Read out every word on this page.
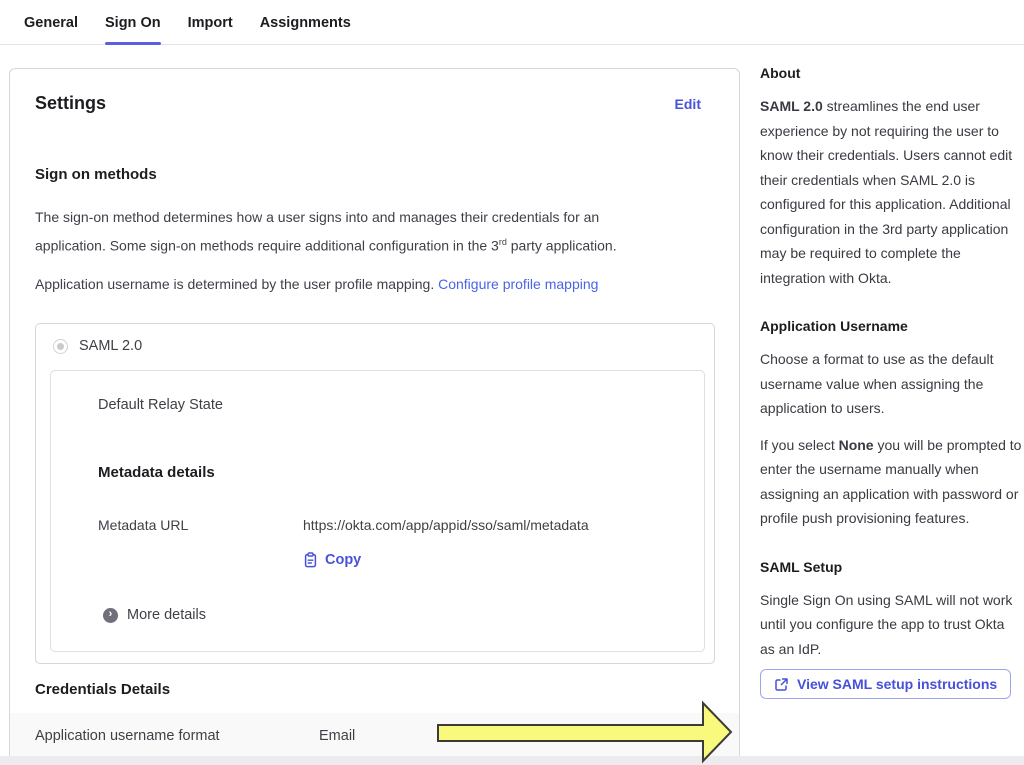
General Sign On Import Assignments
Settings	Edit
Sign on methods

The sign-on method determines how a user signs into and manages their credentials for an application. Some sign-on methods require additional configuration in the 3rd party application.

Application username is determined by the user profile mapping. Configure profile mapping

SAML 2.0
Default Relay State
Metadata details
Metadata URL	https://okta.com/app/appid/sso/saml/metadata
Copy
›	More details
Credentials Details
Application username format	Email
About

SAML 2.0 streamlines the end user experience by not requiring the user to know their credentials. Users cannot edit their credentials when SAML 2.0 is configured for this application. Additional configuration in the 3rd party application may be required to complete the integration with Okta.

Application Username

Choose a format to use as the default username value when assigning the application to users.

If you select None you will be prompted to enter the username manually when assigning an application with password or profile push provisioning features.

SAML Setup

Single Sign On using SAML will not work until you configure the app to trust Okta as an IdP.

View SAML setup instructions
